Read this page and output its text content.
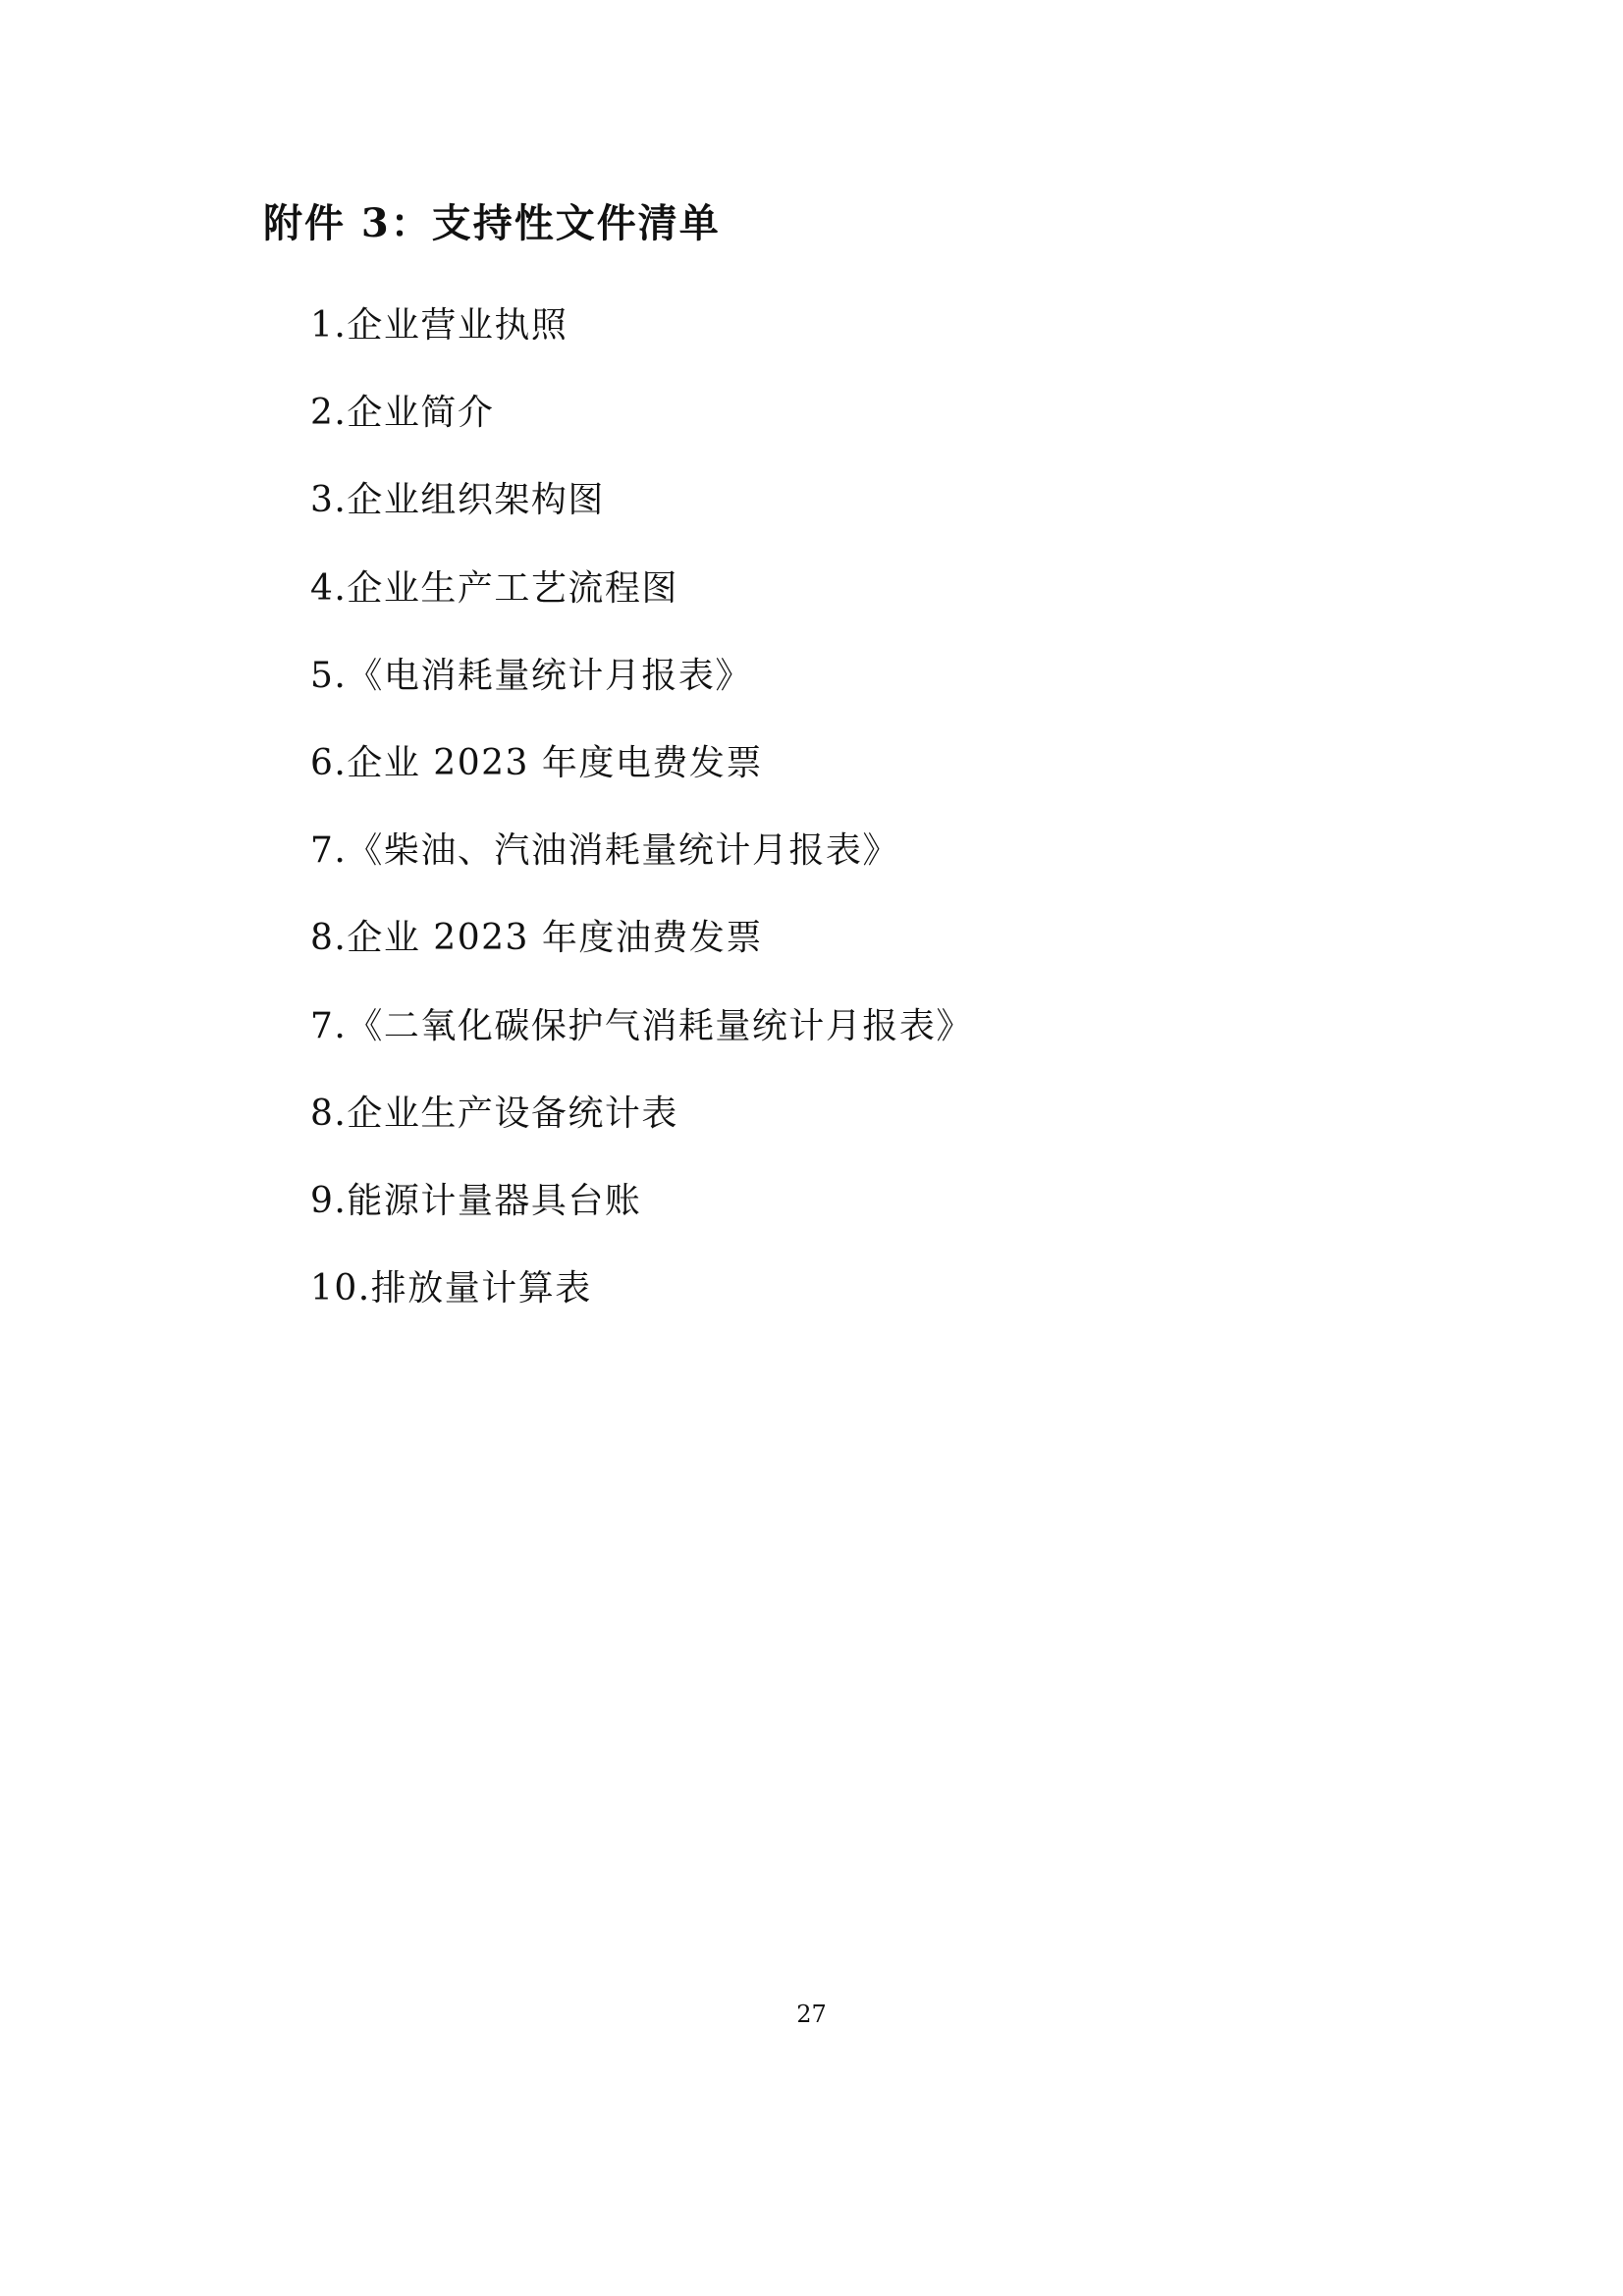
附件 3：支持性文件清单
1.企业营业执照
2.企业简介
3.企业组织架构图
4.企业生产工艺流程图
5.《电消耗量统计月报表》
6.企业 2023 年度电费发票
7.《柴油、汽油消耗量统计月报表》
8.企业 2023 年度油费发票
7.《二氧化碳保护气消耗量统计月报表》
8.企业生产设备统计表
9.能源计量器具台账
10.排放量计算表
27
